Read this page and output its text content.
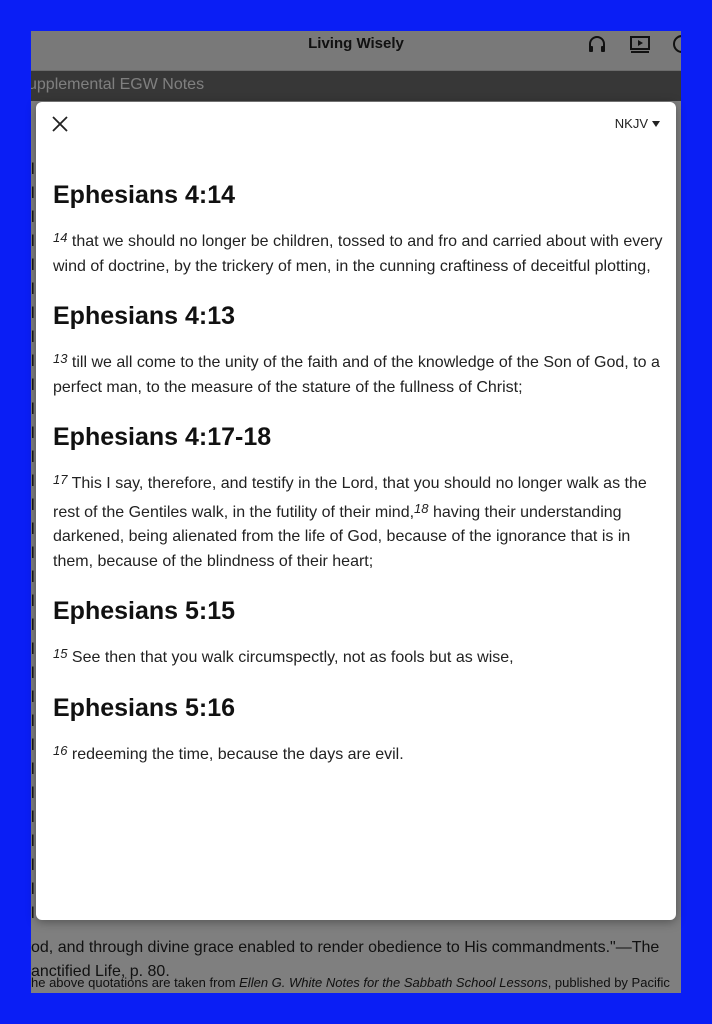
NKJV
Ephesians 4:14

$^{14}$ that we should no longer be children, tossed to and fro and carried about with every wind of doctrine, by the trickery of men, in the cunning craftiness of deceitful plotting,

Ephesians 4:13

$^{13}$ till we all come to the unity of the faith and of the knowledge of the Son of God, to a perfect man, to the measure of the stature of the fullness of Christ;

Ephesians 4:17-18

$^{17}$ This I say, therefore, and testify in the Lord, that you should no longer walk as the rest of the Gentiles walk, in the futility of their mind,$^{18}$ having their understanding darkened, being alienated from the life of God, because of the ignorance that is in them, because of the blindness of their heart;

Ephesians 5:15

$^{15}$ See then that you walk circumspectly, not as fools but as wise,

Ephesians 5:16

$^{16}$ redeeming the time, because the days are evil.
